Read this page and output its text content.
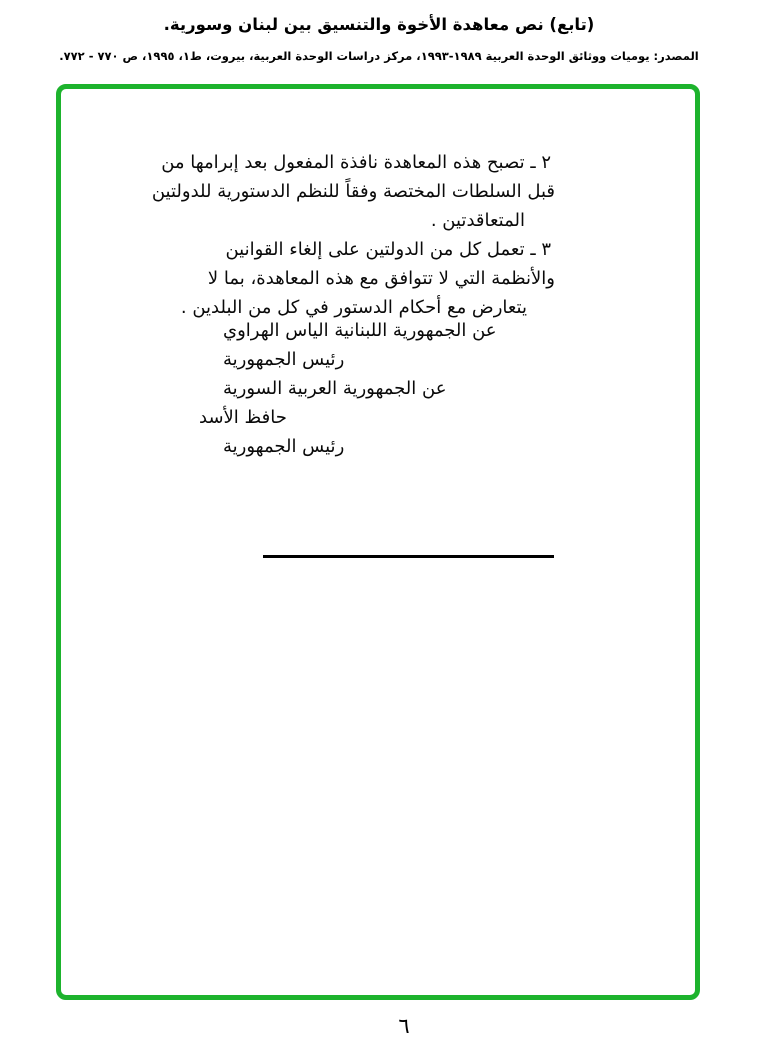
(تابع) نص معاهدة الأخوة والتنسيق بين لبنان وسورية.
المصدر: يوميات ووثائق الوحدة العربية ١٩٨٩-١٩٩٣، مركز دراسات الوحدة العربية، بيروت، ط١، ١٩٩٥، ص ٧٧٠ - ٧٧٢.
٢ ـ تصبح هذه المعاهدة نافذة المفعول بعد إبرامها من
قبل السلطات المختصة وفقاً للنظم الدستورية للدولتين
المتعاقدتين .
٣ ـ تعمل كل من الدولتين على إلغاء القوانين
والأنظمة التي لا تتوافق مع هذه المعاهدة، بما لا
يتعارض مع أحكام الدستور في كل من البلدين .
عن الجمهورية اللبنانية الياس الهراوي
رئيس الجمهورية
عن الجمهورية العربية السورية
حافظ الأسد
رئيس الجمهورية
٦
